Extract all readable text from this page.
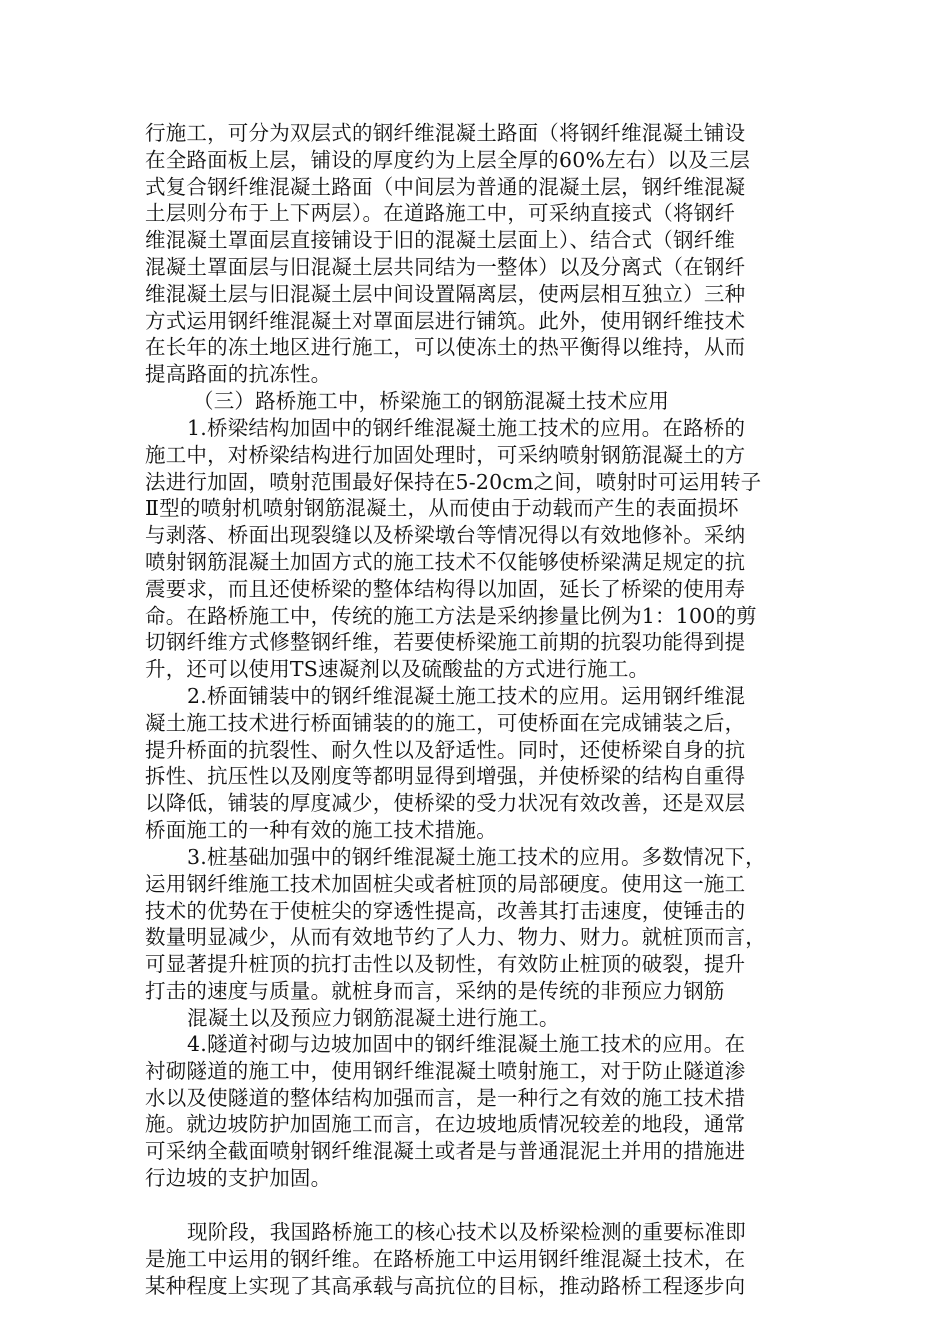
行施工，可分为双层式的钢纤维混凝土路面（将钢纤维混凝土铺设
在全路面板上层，铺设的厚度约为上层全厚的60%左右）以及三层
式复合钢纤维混凝土路面（中间层为普通的混凝土层，钢纤维混凝
土层则分布于上下两层）。在道路施工中，可采纳直接式（将钢纤
维混凝土罩面层直接铺设于旧的混凝土层面上）、结合式（钢纤维
混凝土罩面层与旧混凝土层共同结为一整体）以及分离式（在钢纤
维混凝土层与旧混凝土层中间设置隔离层，使两层相互独立）三种
方式运用钢纤维混凝土对罩面层进行铺筑。此外，使用钢纤维技术
在长年的冻土地区进行施工，可以使冻土的热平衡得以维持，从而
提高路面的抗冻性。
（三）路桥施工中，桥梁施工的钢筋混凝土技术应用
1.桥梁结构加固中的钢纤维混凝土施工技术的应用。在路桥的
施工中，对桥梁结构进行加固处理时，可采纳喷射钢筋混凝土的方
法进行加固，喷射范围最好保持在5-20cm之间，喷射时可运用转子
Ⅱ型的喷射机喷射钢筋混凝土，从而使由于动载而产生的表面损坏
与剥落、桥面出现裂缝以及桥梁墩台等情况得以有效地修补。采纳
喷射钢筋混凝土加固方式的施工技术不仅能够使桥梁满足规定的抗
震要求，而且还使桥梁的整体结构得以加固，延长了桥梁的使用寿
命。在路桥施工中，传统的施工方法是采纳掺量比例为1：100的剪
切钢纤维方式修整钢纤维，若要使桥梁施工前期的抗裂功能得到提
升，还可以使用TS速凝剂以及硫酸盐的方式进行施工。
2.桥面铺装中的钢纤维混凝土施工技术的应用。运用钢纤维混
凝土施工技术进行桥面铺装的的施工，可使桥面在完成铺装之后，
提升桥面的抗裂性、耐久性以及舒适性。同时，还使桥梁自身的抗
拆性、抗压性以及刚度等都明显得到增强，并使桥梁的结构自重得
以降低，铺装的厚度减少，使桥梁的受力状况有效改善，还是双层
桥面施工的一种有效的施工技术措施。
3.桩基础加强中的钢纤维混凝土施工技术的应用。多数情况下，
运用钢纤维施工技术加固桩尖或者桩顶的局部硬度。使用这一施工
技术的优势在于使桩尖的穿透性提高，改善其打击速度，使锤击的
数量明显减少，从而有效地节约了人力、物力、财力。就桩顶而言，
可显著提升桩顶的抗打击性以及韧性，有效防止桩顶的破裂，提升
打击的速度与质量。就桩身而言，采纳的是传统的非预应力钢筋
混凝土以及预应力钢筋混凝土进行施工。
4.隧道衬砌与边坡加固中的钢纤维混凝土施工技术的应用。在
衬砌隧道的施工中，使用钢纤维混凝土喷射施工，对于防止隧道渗
水以及使隧道的整体结构加强而言，是一种行之有效的施工技术措
施。就边坡防护加固施工而言，在边坡地质情况较差的地段，通常
可采纳全截面喷射钢纤维混凝土或者是与普通混泥土并用的措施进
行边坡的支护加固。
现阶段，我国路桥施工的核心技术以及桥梁检测的重要标准即
是施工中运用的钢纤维。在路桥施工中运用钢纤维混凝土技术，在
某种程度上实现了其高承载与高抗位的目标，推动路桥工程逐步向
